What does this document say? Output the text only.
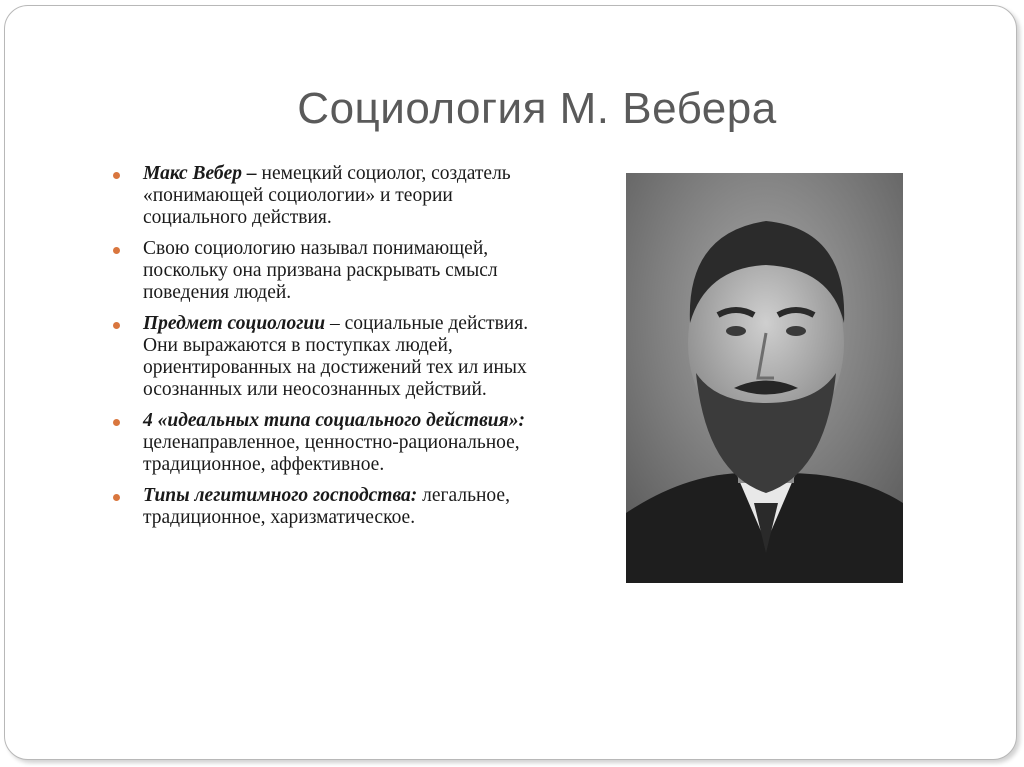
Социология М. Вебера
Макс Вебер – немецкий социолог, создатель «понимающей социологии» и теории социального действия.
Свою социологию называл понимающей, поскольку она призвана раскрывать смысл поведения людей.
Предмет социологии – социальные действия. Они выражаются в поступках людей, ориентированных на достижений тех ил иных осознанных или неосознанных действий.
4 «идеальных типа социального действия»: целенаправленное, ценностно-рациональное, традиционное, аффективное.
Типы легитимного господства: легальное, традиционное, харизматическое.
